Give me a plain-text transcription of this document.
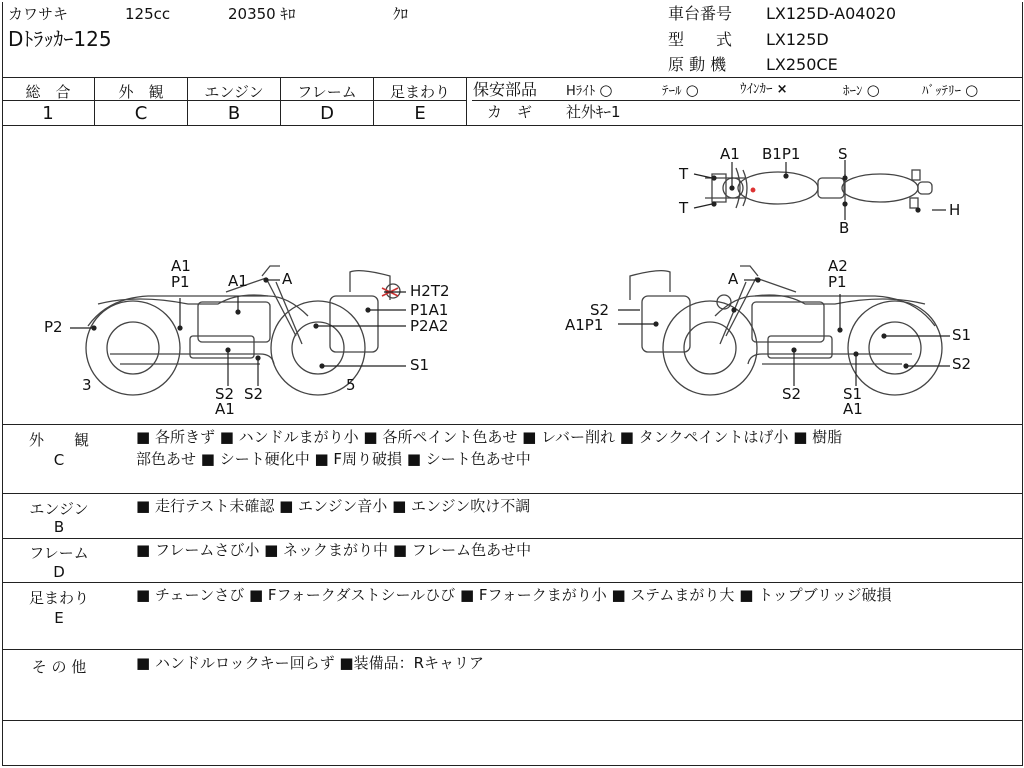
カワサキ	125cc	20350 ｷﾛ	ｸﾛ
Dﾄﾗｯｶｰ125
車台番号 LX125D-A04020
型　　式 LX125D
原 動 機 LX250CE
総　合	外　観	エンジン	フレーム	足まわり
1	C	B	D	E
保安部品 Hﾗｲﾄ ○	ﾃｰﾙ ○	ｳｲﾝｶｰ ×	ﾎｰﾝ ○	ﾊﾞｯﾃﾘｰ ○
カ　ギ 社外ｷｰ1
A1 B1P1	S
T
T
B
H
A1
P1	A1 A
H2T2
P1A1
P2A2
P2
3	S2 S2
A1
5
S1
A
A2
P1
S2
A1P1
S1
S2
S2	S1
A1
外　　観
C
■ 各所きず ■ ハンドルまがり小 ■ 各所ペイント色あせ ■ レバー削れ ■ タンクペイントはげ小 ■ 樹脂
部色あせ ■ シート硬化中 ■ F周り破損 ■ シート色あせ中
エンジン
B
■ 走行テスト未確認 ■ エンジン音小 ■ エンジン吹け不調
フレーム
D
■ フレームさび小 ■ ネックまがり中 ■ フレーム色あせ中
足まわり
E
■ チェーンさび ■ Fフォークダストシールひび ■ Fフォークまがり小 ■ ステムまがり大 ■ トップブリッジ破損
そ の 他	■ ハンドルロックキー回らず ■装備品：Rキャリア
